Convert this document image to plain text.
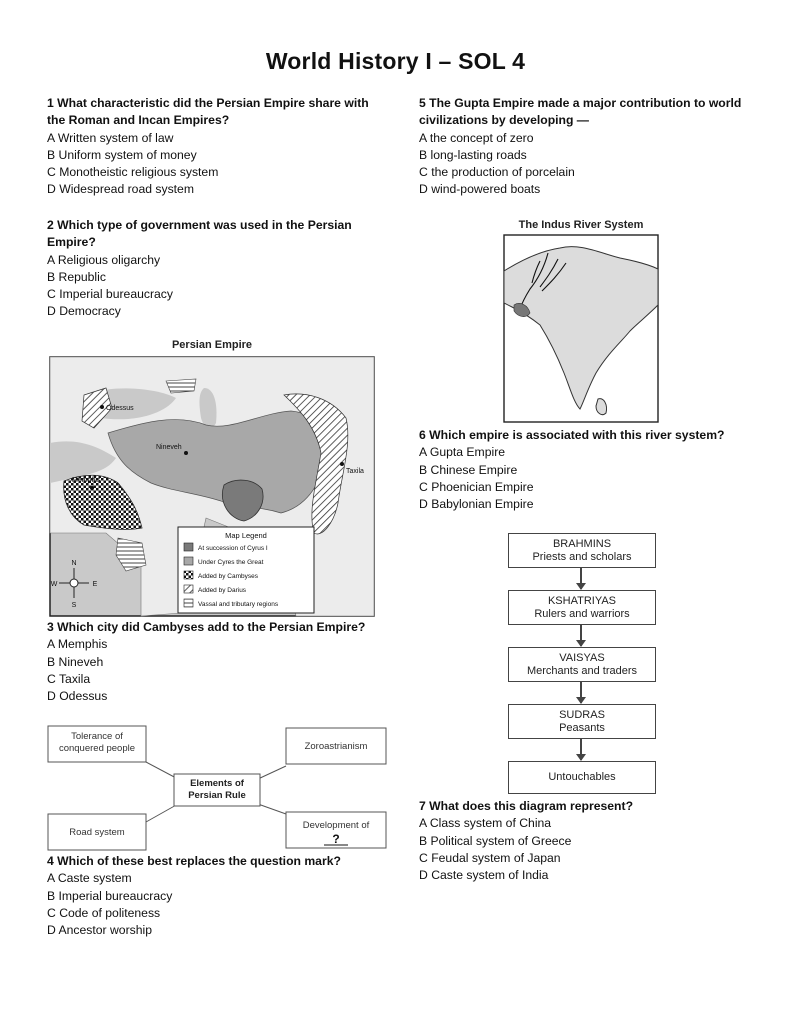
World History I – SOL 4
1 What characteristic did the Persian Empire share with the Roman and Incan Empires?
A Written system of law
B Uniform system of money
C Monotheistic religious system
D Widespread road system
2 Which type of government was used in the Persian Empire?
A Religious oligarchy
B Republic
C Imperial bureaucracy
D Democracy
Persian Empire
Odessus
Nineveh
Memphis
Taxila
Map Legend
At succession of Cyrus I
Under Cyres the Great
Added by Cambyses
Added by Darius
Vassal and tributary regions
N
S
W	E
3 Which city did Cambyses add to the Persian Empire?
A Memphis
B Nineveh
C Taxila
D Odessus
Tolerance of conquered people	Zoroastrianism
Elements of Persian Rule
Road system
Development of
?
4 Which of these best replaces the question mark?
A Caste system
B Imperial bureaucracy
C Code of politeness
D Ancestor worship
5 The Gupta Empire made a major contribution to world civilizations by developing —
A the concept of zero
B long-lasting roads
C the production of porcelain
D wind-powered boats
The Indus River System
6 Which empire is associated with this river system?
A Gupta Empire
B Chinese Empire
C Phoenician Empire
D Babylonian Empire
BRAHMINS
Priests and scholars
KSHATRIYAS
Rulers and warriors
VAISYAS
Merchants and traders
SUDRAS
Peasants
Untouchables
7 What does this diagram represent?
A Class system of China
B Political system of Greece
C Feudal system of Japan
D Caste system of India
